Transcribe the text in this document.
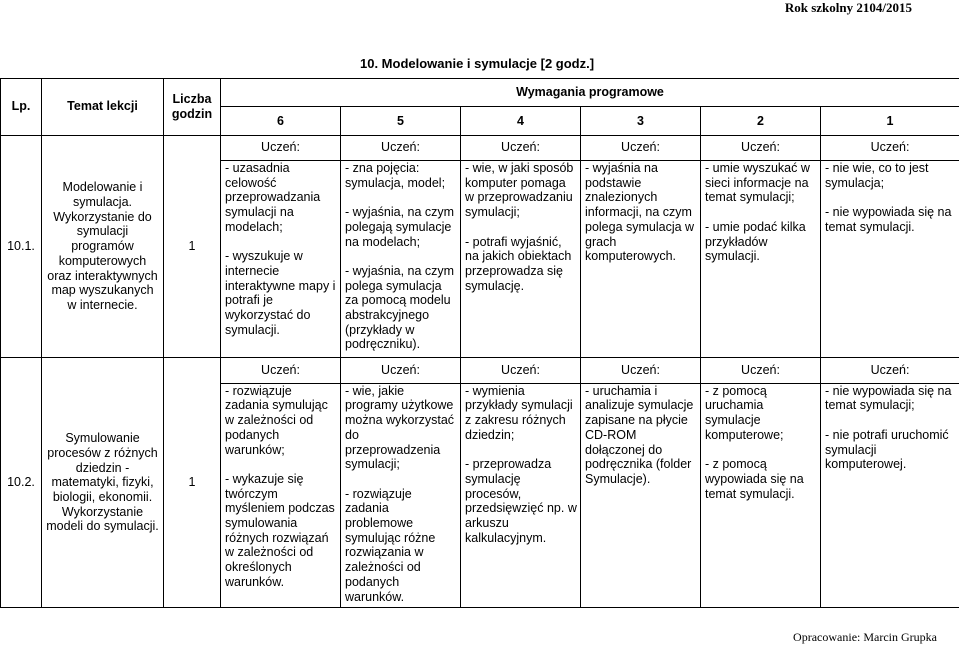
Rok szkolny 2104/2015
10. Modelowanie i symulacje [2 godz.]
Lp.	Temat lekcji	Liczba godzin	Wymagania programowe					
			6	5	4	3	2	1
10.1.	Modelowanie i symulacja. Wykorzystanie do symulacji programów komputerowych oraz interaktywnych map wyszukanych w internecie.	1	Uczeń:	Uczeń:	Uczeń:	Uczeń:	Uczeń:	Uczeń:

			- uzasadnia celowość przeprowadzania symulacji na modelach;

- wyszukuje w internecie interaktywne mapy i potrafi je wykorzystać do symulacji.	- zna pojęcia: symulacja, model;

- wyjaśnia, na czym polegają symulacje na modelach;

- wyjaśnia, na czym polega symulacja za pomocą modelu abstrakcyjnego (przykłady w podręczniku).	- wie, w jaki sposób komputer pomaga w przeprowadzaniu symulacji;

- potrafi wyjaśnić, na jakich obiektach przeprowadza się symulację.	- wyjaśnia na podstawie znalezionych informacji, na czym polega symulacja w grach komputerowych.	- umie wyszukać w sieci informacje na temat symulacji;

- umie podać kilka przykładów symulacji.	- nie wie, co to jest symulacja;

- nie wypowiada się na temat symulacji.

10.2.	Symulowanie procesów z różnych dziedzin - matematyki, fizyki, biologii, ekonomii. Wykorzystanie modeli do symulacji.	1	Uczeń:	Uczeń:	Uczeń:	Uczeń:	Uczeń:	Uczeń:

			- rozwiązuje zadania symulując w zależności od podanych warunków;

- wykazuje się twórczym myśleniem podczas symulowania różnych rozwiązań w zależności od określonych warunków.	- wie, jakie programy użytkowe można wykorzystać do przeprowadzenia symulacji;

- rozwiązuje zadania problemowe symulując różne rozwiązania w zależności od podanych warunków.	- wymienia przykłady symulacji z zakresu różnych dziedzin;

- przeprowadza symulację procesów, przedsięwzięć np. w arkuszu kalkulacyjnym.	- uruchamia i analizuje symulacje zapisane na płycie CD-ROM dołączonej do podręcznika (folder Symulacje).	- z pomocą uruchamia symulacje komputerowe;

- z pomocą wypowiada się na temat symulacji.	- nie wypowiada się na temat symulacji;

- nie potrafi uruchomić symulacji komputerowej.
Opracowanie: Marcin Grupka
